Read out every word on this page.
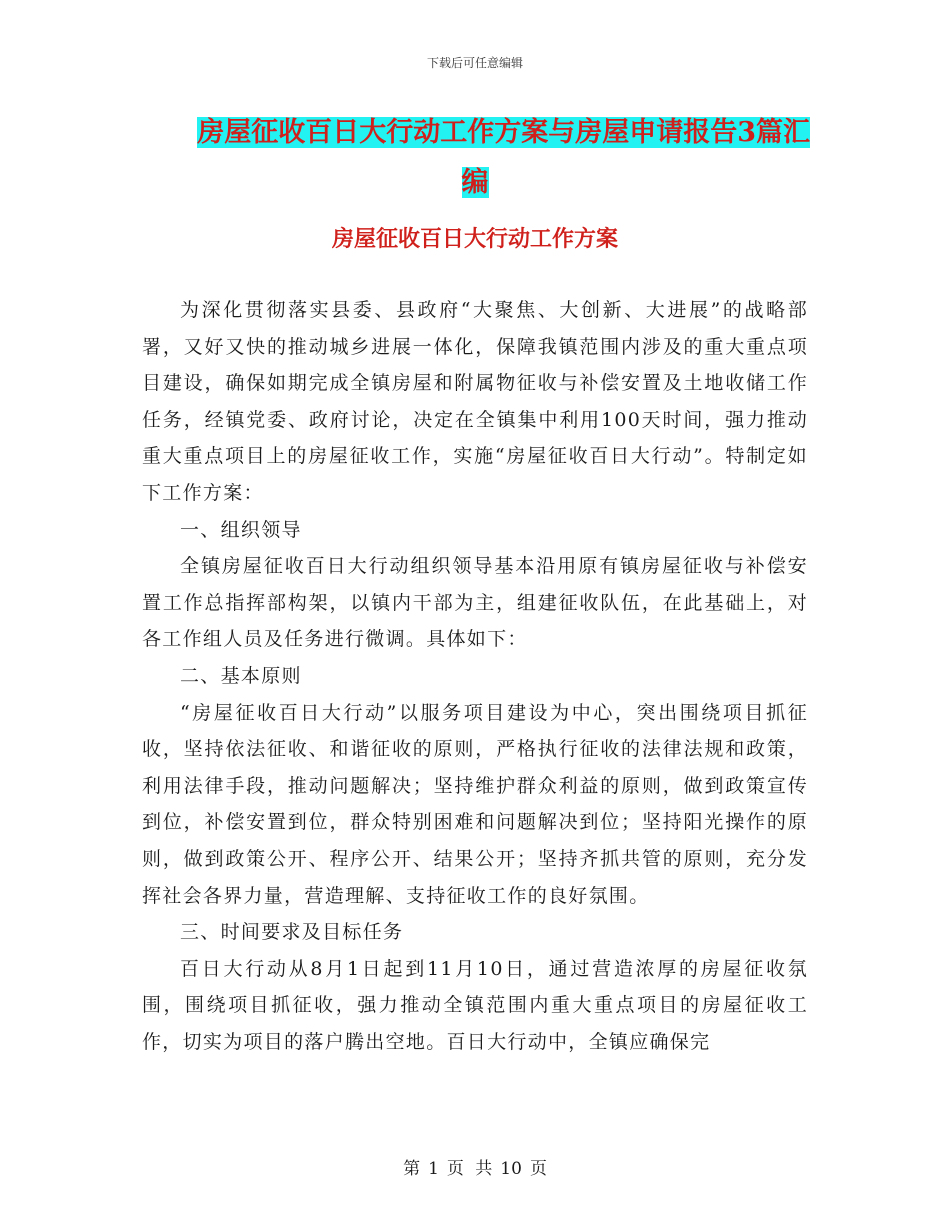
下载后可任意编辑
房屋征收百日大行动工作方案与房屋申请报告3篇汇
编
房屋征收百日大行动工作方案

为深化贯彻落实县委、县政府“大聚焦、大创新、大进展”的战略部署，又好又快的推动城乡进展一体化，保障我镇范围内涉及的重大重点项目建设，确保如期完成全镇房屋和附属物征收与补偿安置及土地收储工作任务，经镇党委、政府讨论，决定在全镇集中利用100天时间，强力推动重大重点项目上的房屋征收工作，实施“房屋征收百日大行动”。特制定如下工作方案：

一、组织领导

全镇房屋征收百日大行动组织领导基本沿用原有镇房屋征收与补偿安置工作总指挥部构架，以镇内干部为主，组建征收队伍，在此基础上，对各工作组人员及任务进行微调。具体如下：

二、基本原则

“房屋征收百日大行动”以服务项目建设为中心，突出围绕项目抓征收，坚持依法征收、和谐征收的原则，严格执行征收的法律法规和政策，利用法律手段，推动问题解决；坚持维护群众利益的原则，做到政策宣传到位，补偿安置到位，群众特别困难和问题解决到位；坚持阳光操作的原则，做到政策公开、程序公开、结果公开；坚持齐抓共管的原则，充分发挥社会各界力量，营造理解、支持征收工作的良好氛围。

三、时间要求及目标任务

百日大行动从8月1日起到11月10日，通过营造浓厚的房屋征收氛围，围绕项目抓征收，强力推动全镇范围内重大重点项目的房屋征收工作，切实为项目的落户腾出空地。百日大行动中，全镇应确保完

第 1 页 共 10 页
